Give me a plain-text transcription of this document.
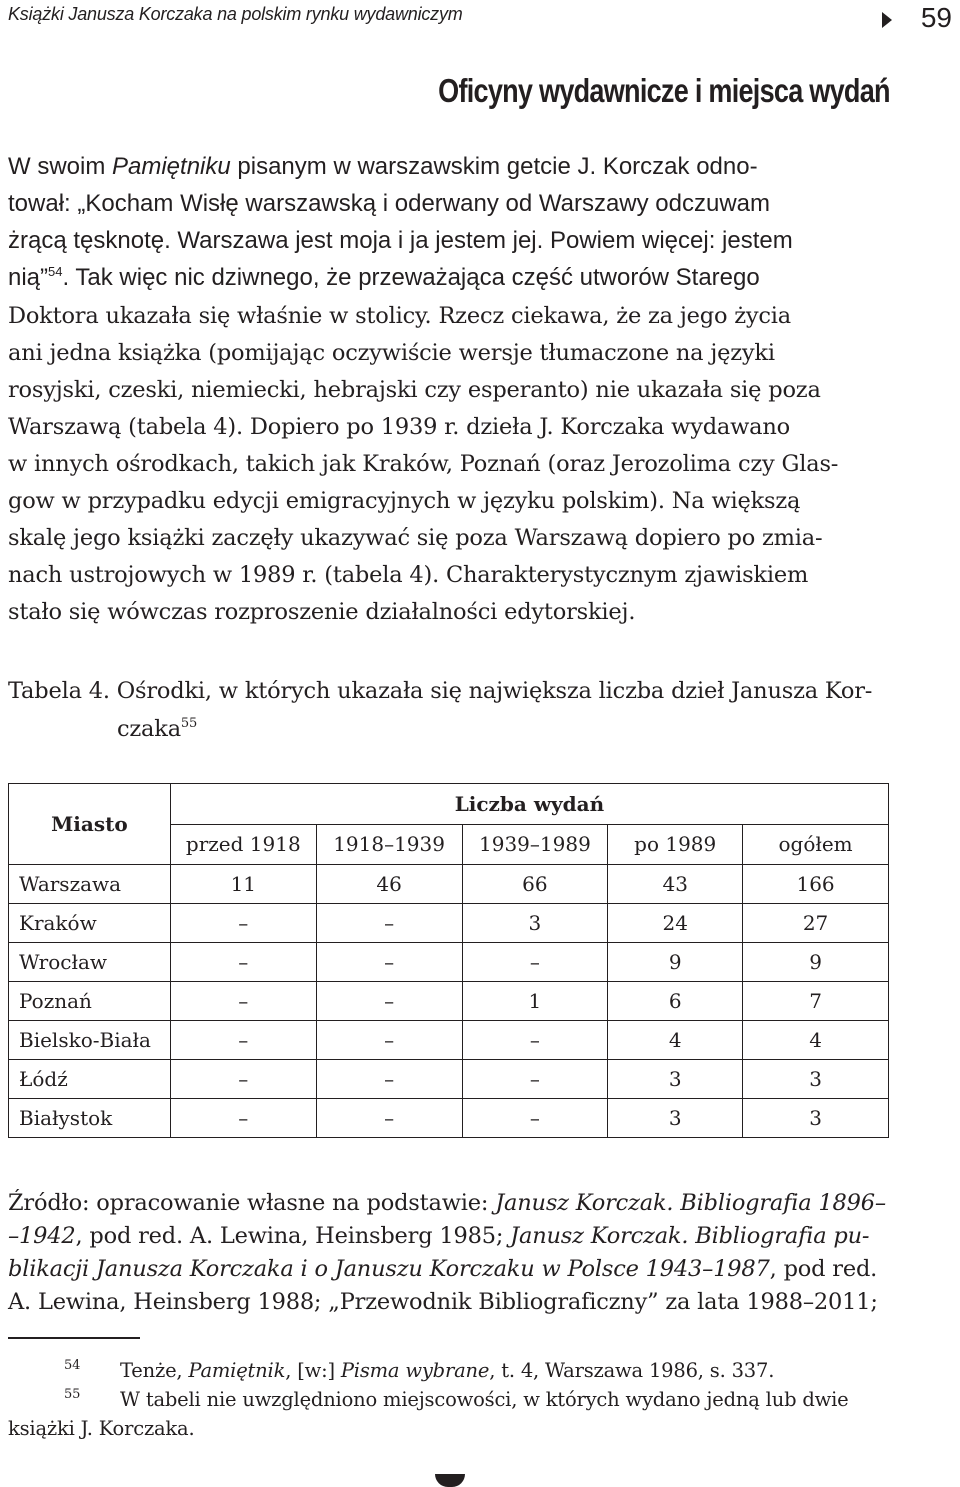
Książki Janusza Korczaka na polskim rynku wydawniczym	59
Oficyny wydawnicze i miejsca wydań
W swoim Pamiętniku pisanym w warszawskim getcie J. Korczak odno-
tował: „Kocham Wisłę warszawską i oderwany od Warszawy odczuwam
żrącą tęsknotę. Warszawa jest moja i ja jestem jej. Powiem więcej: jestem
nią”$^{54}$. Tak więc nic dziwnego, że przeważająca część utworów Starego
Doktora ukazała się właśnie w stolicy. Rzecz ciekawa, że za jego życia
ani jedna książka (pomijając oczywiście wersje tłumaczone na języki
rosyjski, czeski, niemiecki, hebrajski czy esperanto) nie ukazała się poza
Warszawą (tabela 4). Dopiero po 1939 r. dzieła J. Korczaka wydawano
w innych ośrodkach, takich jak Kraków, Poznań (oraz Jerozolima czy Glas-
gow w przypadku edycji emigracyjnych w języku polskim). Na większą
skalę jego książki zaczęły ukazywać się poza Warszawą dopiero po zmia-
nach ustrojowych w 1989 r. (tabela 4). Charakterystycznym zjawiskiem
stało się wówczas rozproszenie działalności edytorskiej.
Tabela 4. Ośrodki, w których ukazała się największa liczba dzieł Janusza Kor-
czaka$^{55}$
Miasto	Liczba wydań				
	przed 1918	1918–1939	1939–1989	po 1989	ogółem
Warszawa	11	46	66	43	166
Kraków	–	–	3	24	27
Wrocław	–	–	–	9	9
Poznań	–	–	1	6	7
Bielsko-Biała	–	–	–	4	4
Łódź	–	–	–	3	3
Białystok	–	–	–	3	3
Źródło: opracowanie własne na podstawie: Janusz Korczak. Bibliografia 1896–
–1942, pod red. A. Lewina, Heinsberg 1985; Janusz Korczak. Bibliografia pu-
blikacji Janusza Korczaka i o Januszu Korczaku w Polsce 1943–1987, pod red.
A. Lewina, Heinsberg 1988; „Przewodnik Bibliograficzny” za lata 1988–2011;
54 Tenże, Pamiętnik, [w:] Pisma wybrane, t. 4, Warszawa 1986, s. 337.
55 W tabeli nie uwzględniono miejscowości, w których wydano jedną lub dwie
książki J. Korczaka.
